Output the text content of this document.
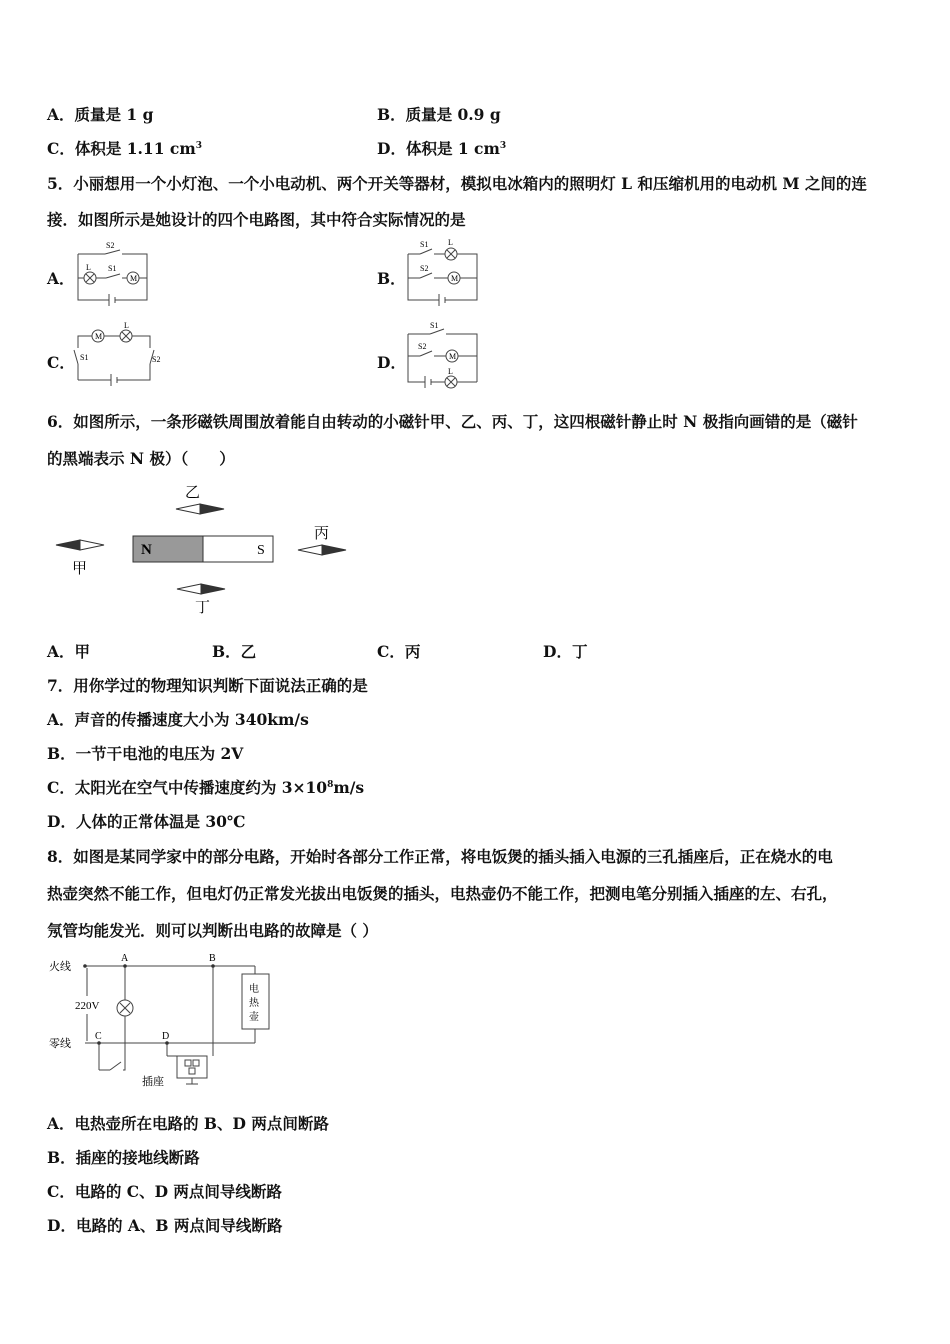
A．质量是 1 g	B．质量是 0.9 g
C．体积是 1.11 $cm^3$	D．体积是 1 $cm^3$
5．小丽想用一个小灯泡、一个小电动机、两个开关等器材，模拟电冰箱内的照明灯 L 和压缩机用的电动机 M 之间的连
接．如图所示是她设计的四个电路图，其中符合实际情况的是
A．
S2
L S1
M	B．
S1 L
S2
M
C．
M
L
S1	S2	D．
S1
S2
M
L
6．如图所示，一条形磁铁周围放着能自由转动的小磁针甲、乙、丙、丁，这四根磁针静止时 N 极指向画错的是（磁针
的黑端表示 N 极）（　　）
N	S
甲
乙
丙
丁
A．甲	B．乙	C．丙	D．丁
7．用你学过的物理知识判断下面说法正确的是
A．声音的传播速度大小为 340km/s
B．一节干电池的电压为 2V
C．太阳光在空气中传播速度约为 $3\times 10^8m/s$
D．人体的正常体温是 30℃
8．如图是某同学家中的部分电路，开始时各部分工作正常，将电饭煲的插头插入电源的三孔插座后，正在烧水的电
热壶突然不能工作，但电灯仍正常发光拔出电饭煲的插头，电热壶仍不能工作，把测电笔分别插入插座的左、右孔，
氖管均能发光．则可以判断出电路的故障是（ ）
火线
零线
220V
A	B
C	D
电
热
壶
插座
A．电热壶所在电路的 B、D 两点间断路
B．插座的接地线断路
C．电路的 C、D 两点间导线断路
D．电路的 A、B 两点间导线断路
